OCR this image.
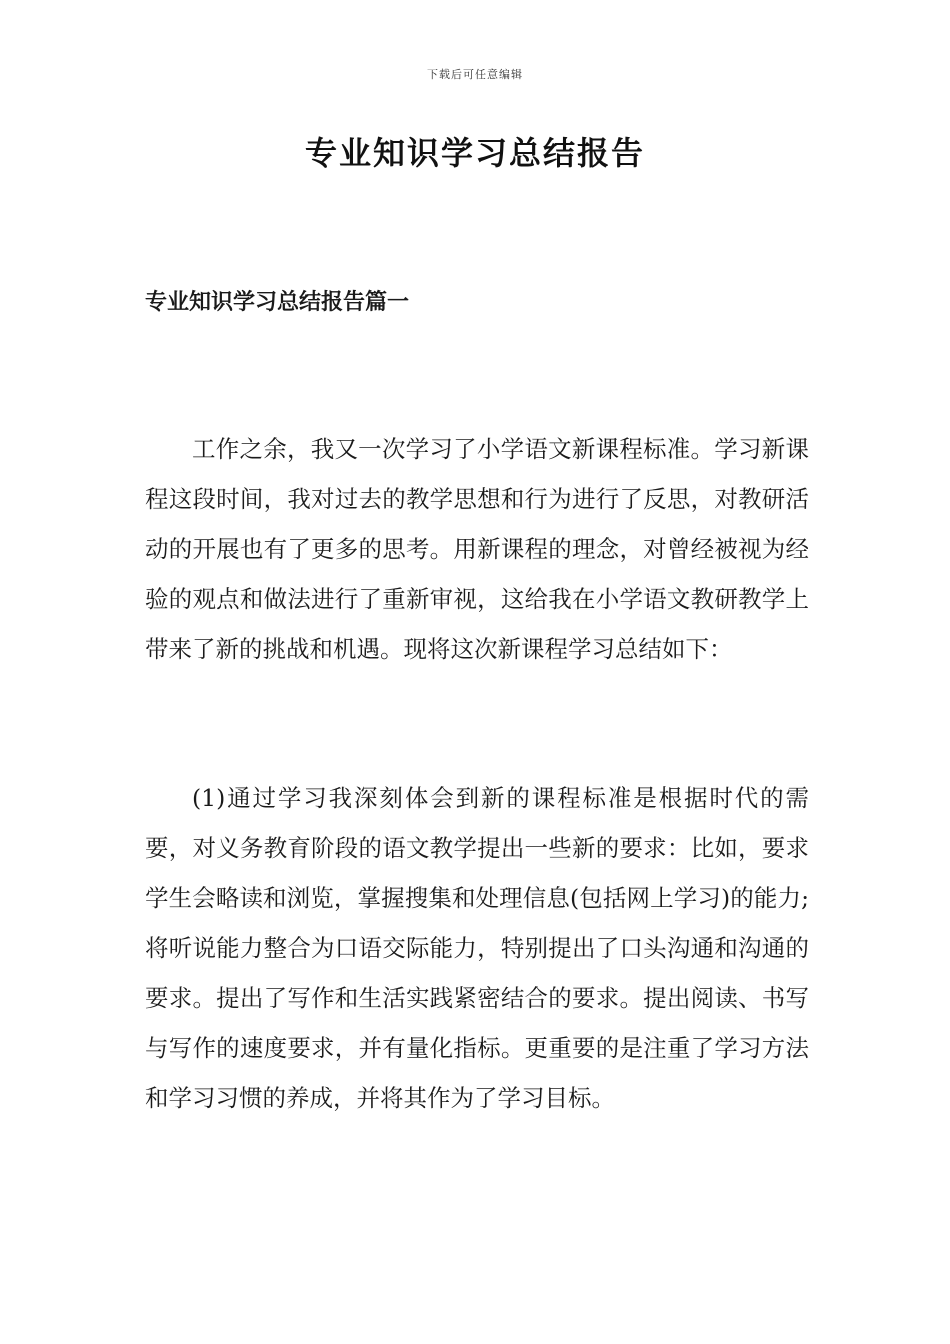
下载后可任意编辑
专业知识学习总结报告
专业知识学习总结报告篇一

工作之余，我又一次学习了小学语文新课程标准。学习新课程这段时间，我对过去的教学思想和行为进行了反思，对教研活动的开展也有了更多的思考。用新课程的理念，对曾经被视为经验的观点和做法进行了重新审视，这给我在小学语文教研教学上带来了新的挑战和机遇。现将这次新课程学习总结如下：

(1)通过学习我深刻体会到新的课程标准是根据时代的需要，对义务教育阶段的语文教学提出一些新的要求：比如，要求学生会略读和浏览，掌握搜集和处理信息(包括网上学习)的能力;将听说能力整合为口语交际能力，特别提出了口头沟通和沟通的要求。提出了写作和生活实践紧密结合的要求。提出阅读、书写与写作的速度要求，并有量化指标。更重要的是注重了学习方法和学习习惯的养成，并将其作为了学习目标。
